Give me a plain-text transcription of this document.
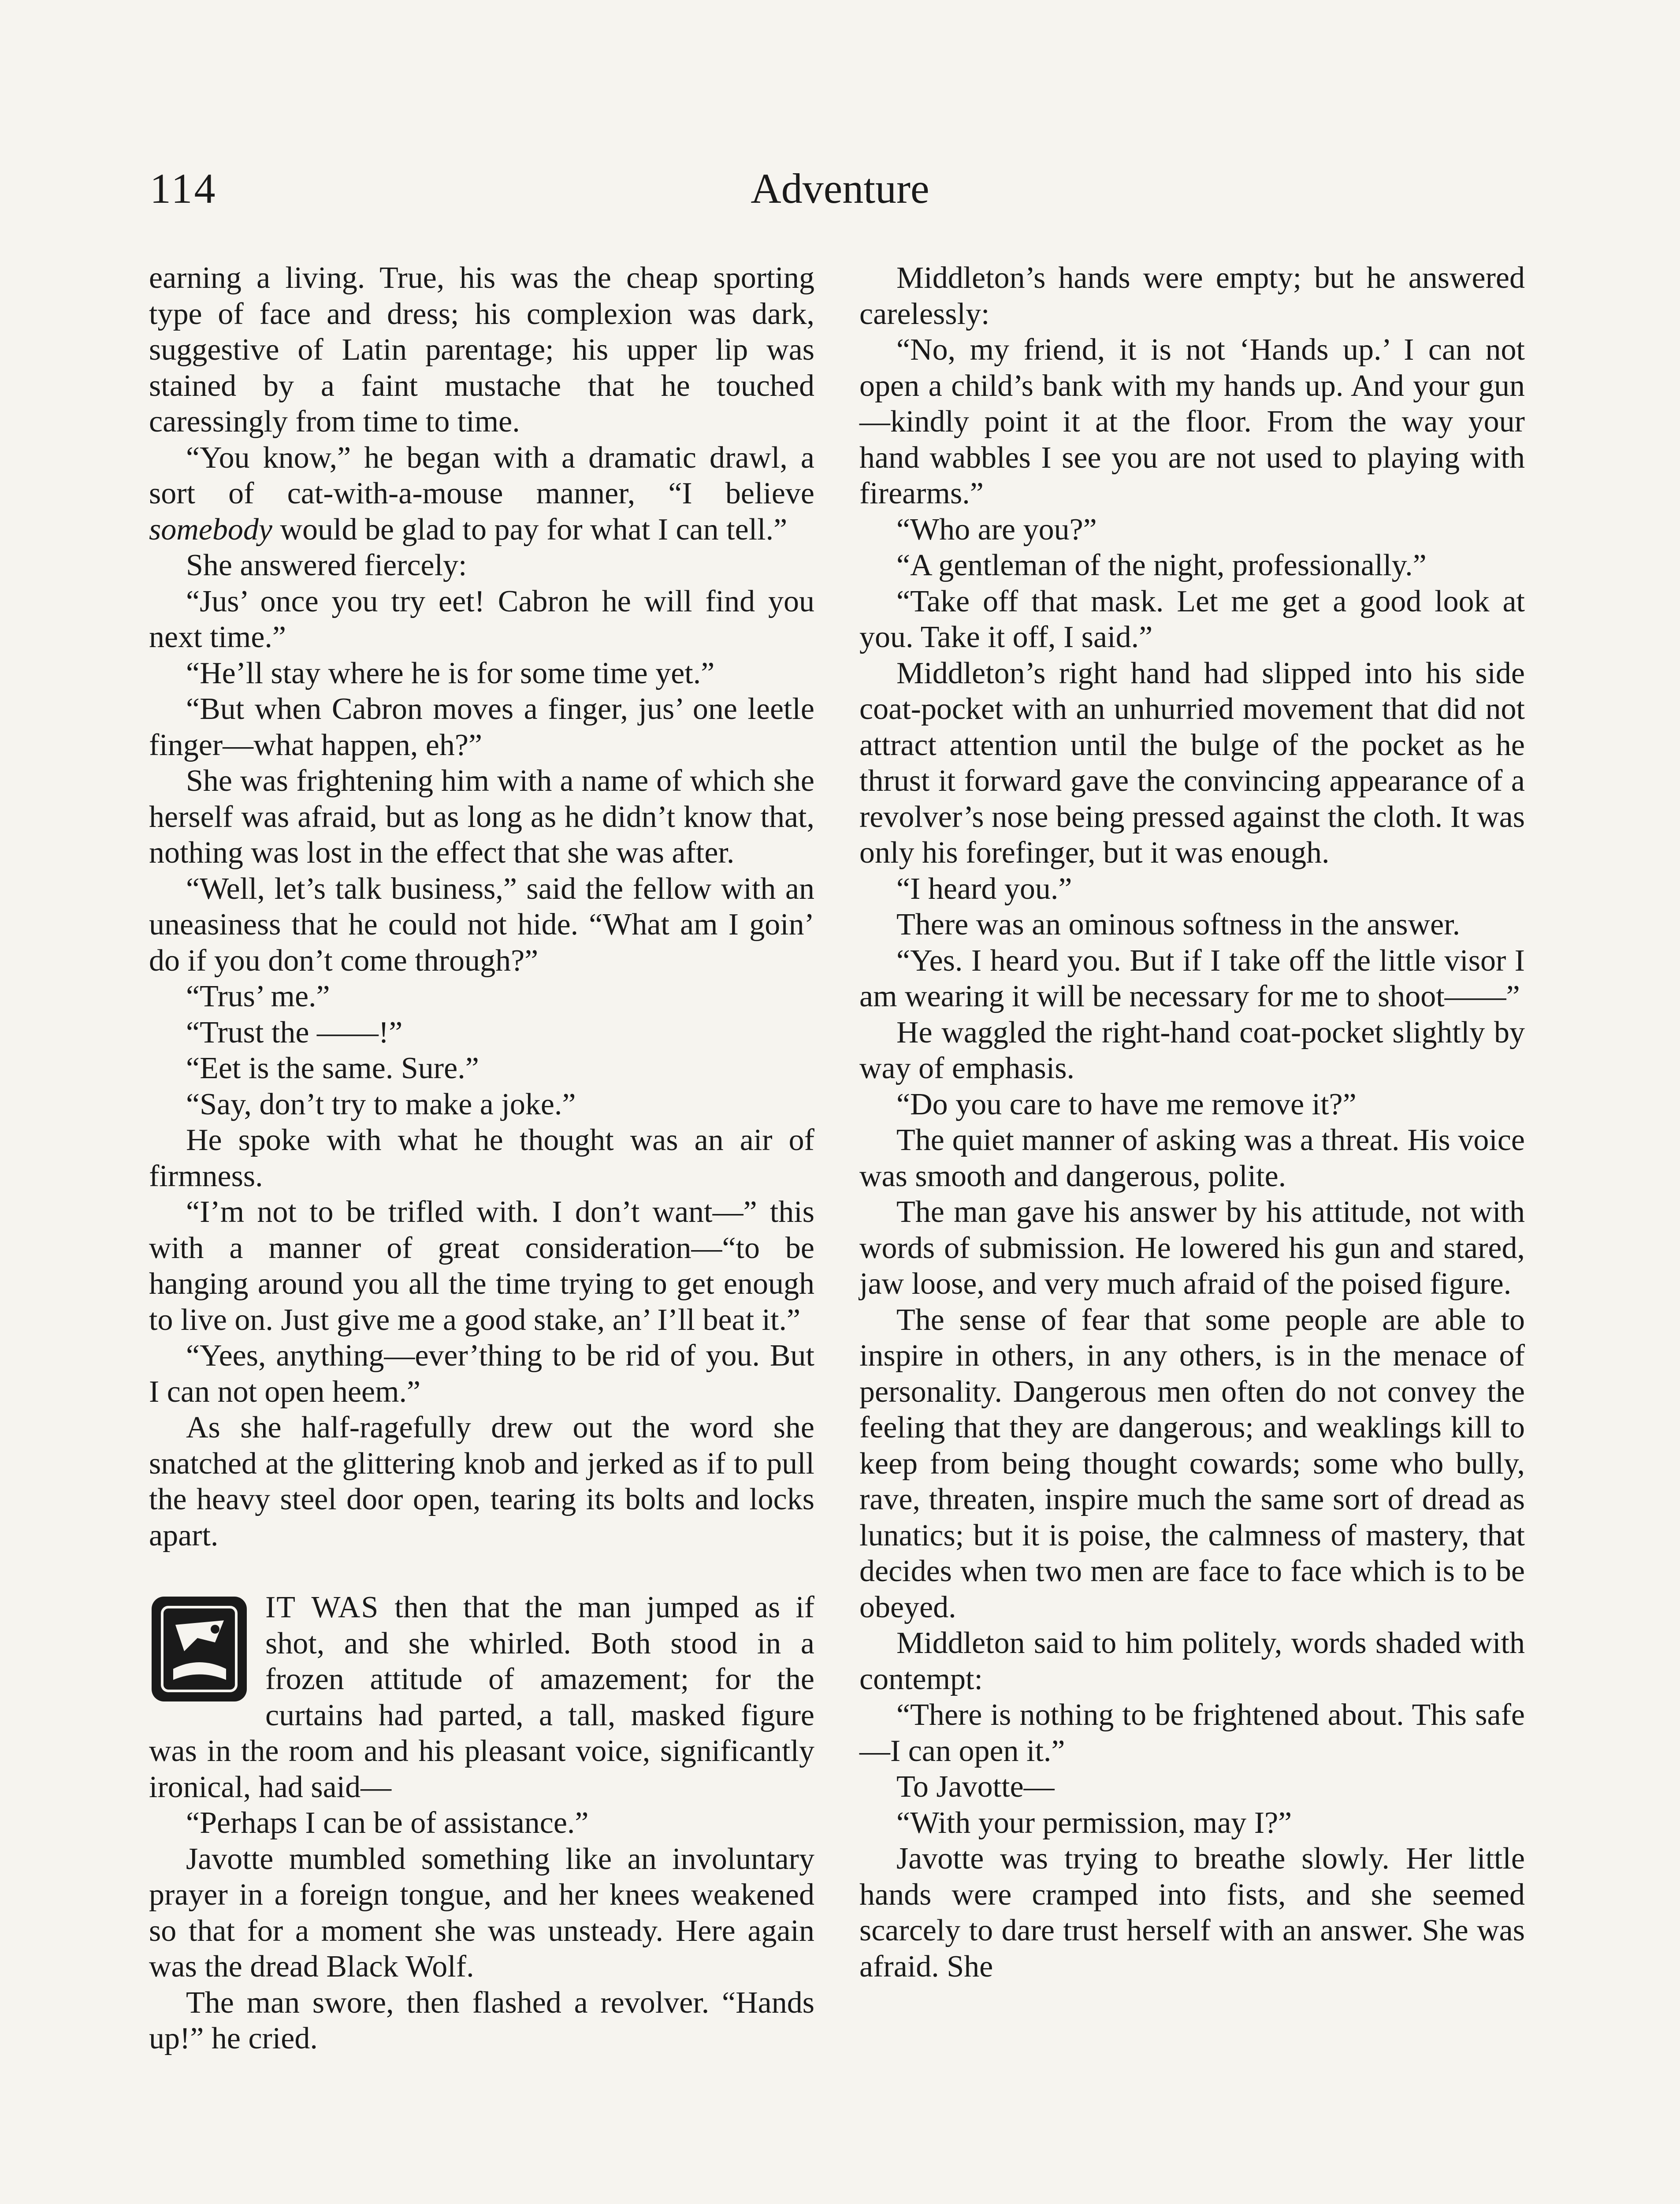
114	Adventure

earning a living. True, his was the cheap sporting type of face and dress; his complexion was dark, suggestive of Latin parentage; his upper lip was stained by a faint mustache that he touched caressingly from time to time.

“You know,” he began with a dramatic drawl, a sort of cat-with-a-mouse manner, “I believe somebody would be glad to pay for what I can tell.”

She answered fiercely:

“Jus’ once you try eet! Cabron he will find you next time.”

“He’ll stay where he is for some time yet.”

“But when Cabron moves a finger, jus’ one leetle finger—what happen, eh?”

She was frightening him with a name of which she herself was afraid, but as long as he didn’t know that, nothing was lost in the effect that she was after.

“Well, let’s talk business,” said the fellow with an uneasiness that he could not hide. “What am I goin’ do if you don’t come through?”

“Trus’ me.”

“Trust the ——!”

“Eet is the same. Sure.”

“Say, don’t try to make a joke.”

He spoke with what he thought was an air of firmness.

“I’m not to be trifled with. I don’t want—” this with a manner of great consideration—“to be hanging around you all the time trying to get enough to live on. Just give me a good stake, an’ I’ll beat it.”

“Yees, anything—ever’thing to be rid of you. But I can not open heem.”

As she half-ragefully drew out the word she snatched at the glittering knob and jerked as if to pull the heavy steel door open, tearing its bolts and locks apart.

IT WAS then that the man jumped as if shot, and she whirled. Both stood in a frozen attitude of amazement; for the curtains had parted, a tall, masked figure was in the room and his pleasant voice, significantly ironical, had said—

“Perhaps I can be of assistance.”

Javotte mumbled something like an involuntary prayer in a foreign tongue, and her knees weakened so that for a moment she was unsteady. Here again was the dread Black Wolf.

The man swore, then flashed a revolver. “Hands up!” he cried.

Middleton’s hands were empty; but he answered carelessly:

“No, my friend, it is not ‘Hands up.’ I can not open a child’s bank with my hands up. And your gun—kindly point it at the floor. From the way your hand wabbles I see you are not used to playing with firearms.”

“Who are you?”

“A gentleman of the night, professionally.”

“Take off that mask. Let me get a good look at you. Take it off, I said.”

Middleton’s right hand had slipped into his side coat-pocket with an unhurried movement that did not attract attention until the bulge of the pocket as he thrust it forward gave the convincing appearance of a revolver’s nose being pressed against the cloth. It was only his forefinger, but it was enough.

“I heard you.”

There was an ominous softness in the answer.

“Yes. I heard you. But if I take off the little visor I am wearing it will be necessary for me to shoot——”

He waggled the right-hand coat-pocket slightly by way of emphasis.

“Do you care to have me remove it?”

The quiet manner of asking was a threat. His voice was smooth and dangerous, polite.

The man gave his answer by his attitude, not with words of submission. He lowered his gun and stared, jaw loose, and very much afraid of the poised figure.

The sense of fear that some people are able to inspire in others, in any others, is in the menace of personality. Dangerous men often do not convey the feeling that they are dangerous; and weaklings kill to keep from being thought cowards; some who bully, rave, threaten, inspire much the same sort of dread as lunatics; but it is poise, the calmness of mastery, that decides when two men are face to face which is to be obeyed.

Middleton said to him politely, words shaded with contempt:

“There is nothing to be frightened about. This safe—I can open it.”

To Javotte—

“With your permission, may I?”

Javotte was trying to breathe slowly. Her little hands were cramped into fists, and she seemed scarcely to dare trust herself with an answer. She was afraid. She
